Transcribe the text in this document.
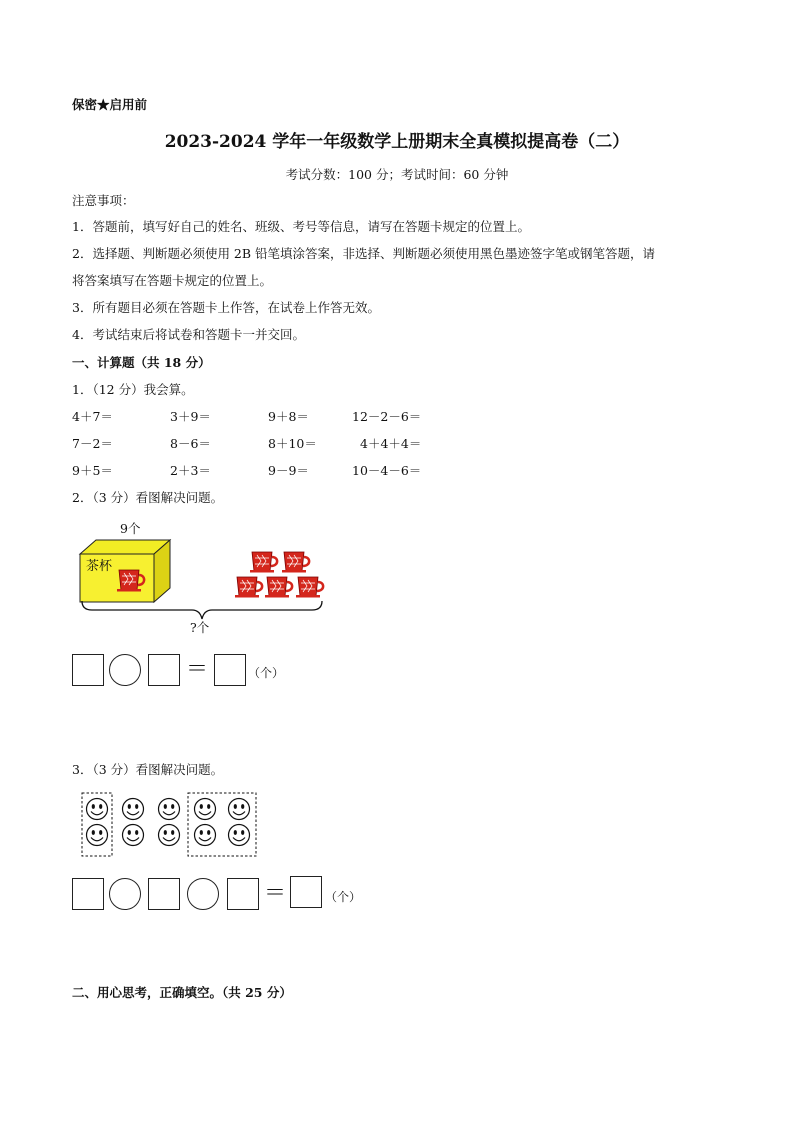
保密★启用前
2023-2024 学年一年级数学上册期末全真模拟提高卷（二）
考试分数：100 分；考试时间：60 分钟
注意事项：
1．答题前，填写好自己的姓名、班级、考号等信息，请写在答题卡规定的位置上。
2．选择题、判断题必须使用 2B 铅笔填涂答案，非选择、判断题必须使用黑色墨迹签字笔或钢笔答题，请
将答案填写在答题卡规定的位置上。
3．所有题目必须在答题卡上作答，在试卷上作答无效。
4．考试结束后将试卷和答题卡一并交回。
一、计算题（共 18 分）
1．（12 分）我会算。
4＋7＝	3＋9＝	9＋8＝	12－2－6＝
7－2＝	8－6＝	8＋10＝	4＋4＋4＝
9＋5＝	2＋3＝	9－9＝	10－4－6＝
2．（3 分）看图解决问题。
9个
茶杯
?个
＝	（个）
3．（3 分）看图解决问题。
＝	（个）
二、用心思考，正确填空。（共 25 分）
